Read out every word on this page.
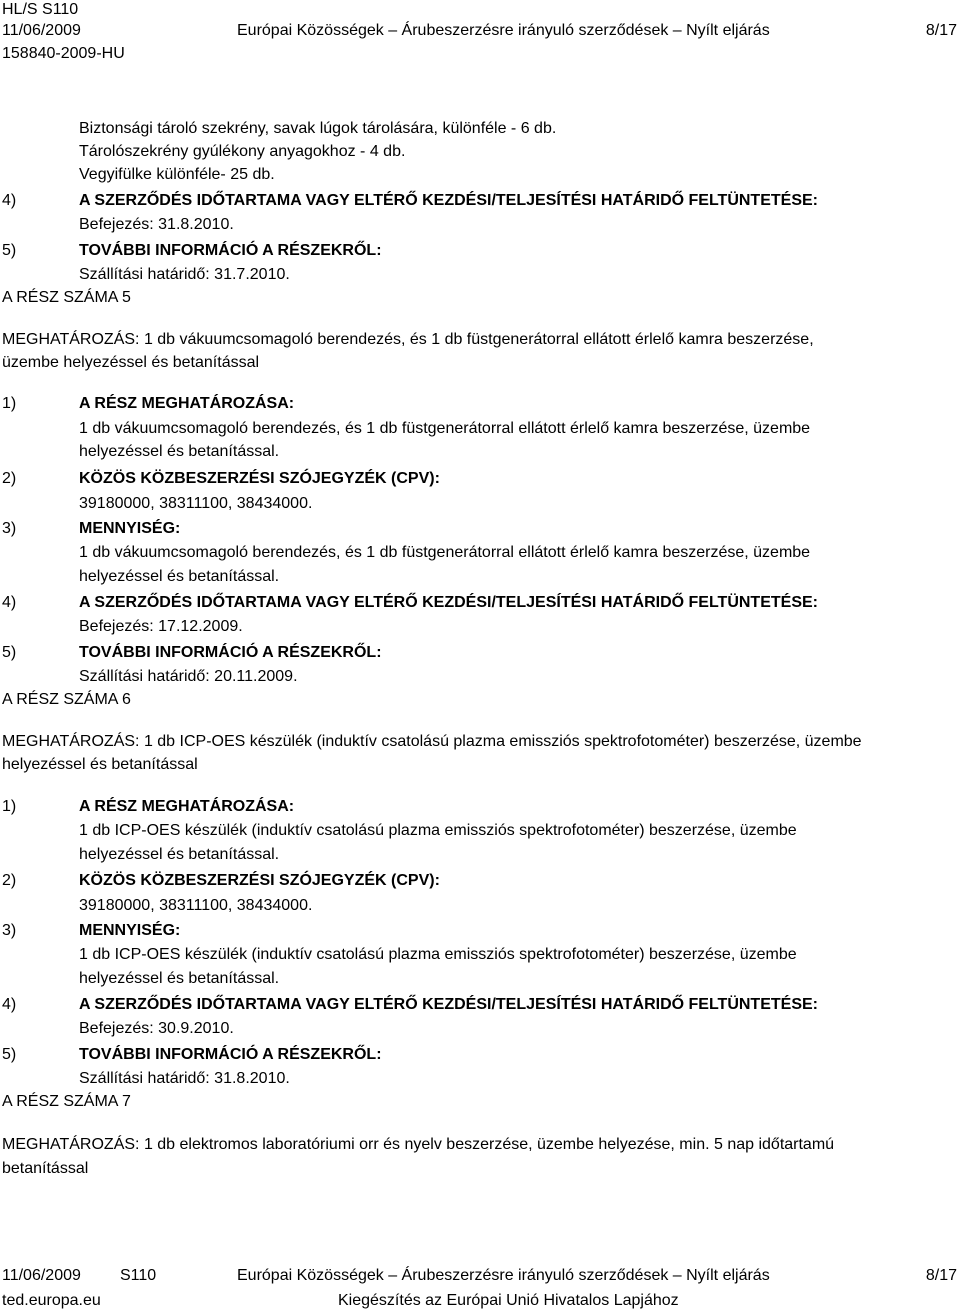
HL/S S110
11/06/2009
158840-2009-HU
Európai Közösségek – Árubeszerzésre irányuló szerződések – Nyílt eljárás	8/17
Biztonsági tároló szekrény, savak lúgok tárolására, különféle - 6 db.
Tárolószekrény gyúlékony anyagokhoz - 4 db.
Vegyifülke különféle- 25 db.
4)	A SZERZŐDÉS IDŐTARTAMA VAGY ELTÉRŐ KEZDÉSI/TELJESÍTÉSI HATÁRIDŐ FELTÜNTETÉSE:
Befejezés: 31.8.2010.
5)	TOVÁBBI INFORMÁCIÓ A RÉSZEKRŐL:
Szállítási határidő: 31.7.2010.
A RÉSZ SZÁMA 5
MEGHATÁROZÁS: 1 db vákuumcsomagoló berendezés, és 1 db füstgenerátorral ellátott érlelő kamra beszerzése,
üzembe helyezéssel és betanítással
1)	A RÉSZ MEGHATÁROZÁSA:
1 db vákuumcsomagoló berendezés, és 1 db füstgenerátorral ellátott érlelő kamra beszerzése, üzembe
helyezéssel és betanítással.
2)	KÖZÖS KÖZBESZERZÉSI SZÓJEGYZÉK (CPV):
39180000, 38311100, 38434000.
3)	MENNYISÉG:
1 db vákuumcsomagoló berendezés, és 1 db füstgenerátorral ellátott érlelő kamra beszerzése, üzembe
helyezéssel és betanítással.
4)	A SZERZŐDÉS IDŐTARTAMA VAGY ELTÉRŐ KEZDÉSI/TELJESÍTÉSI HATÁRIDŐ FELTÜNTETÉSE:
Befejezés: 17.12.2009.
5)	TOVÁBBI INFORMÁCIÓ A RÉSZEKRŐL:
Szállítási határidő: 20.11.2009.
A RÉSZ SZÁMA 6
MEGHATÁROZÁS: 1 db ICP-OES készülék (induktív csatolású plazma emissziós spektrofotométer) beszerzése, üzembe
helyezéssel és betanítással
1)	A RÉSZ MEGHATÁROZÁSA:
1 db ICP-OES készülék (induktív csatolású plazma emissziós spektrofotométer) beszerzése, üzembe
helyezéssel és betanítással.
2)	KÖZÖS KÖZBESZERZÉSI SZÓJEGYZÉK (CPV):
39180000, 38311100, 38434000.
3)	MENNYISÉG:
1 db ICP-OES készülék (induktív csatolású plazma emissziós spektrofotométer) beszerzése, üzembe
helyezéssel és betanítással.
4)	A SZERZŐDÉS IDŐTARTAMA VAGY ELTÉRŐ KEZDÉSI/TELJESÍTÉSI HATÁRIDŐ FELTÜNTETÉSE:
Befejezés: 30.9.2010.
5)	TOVÁBBI INFORMÁCIÓ A RÉSZEKRŐL:
Szállítási határidő: 31.8.2010.
A RÉSZ SZÁMA 7
MEGHATÁROZÁS: 1 db elektromos laboratóriumi orr és nyelv beszerzése, üzembe helyezése, min. 5 nap időtartamú
betanítással
11/06/2009 S110	Európai Közösségek – Árubeszerzésre irányuló szerződések – Nyílt eljárás	8/17
ted.europa.eu	Kiegészítés az Európai Unió Hivatalos Lapjához
